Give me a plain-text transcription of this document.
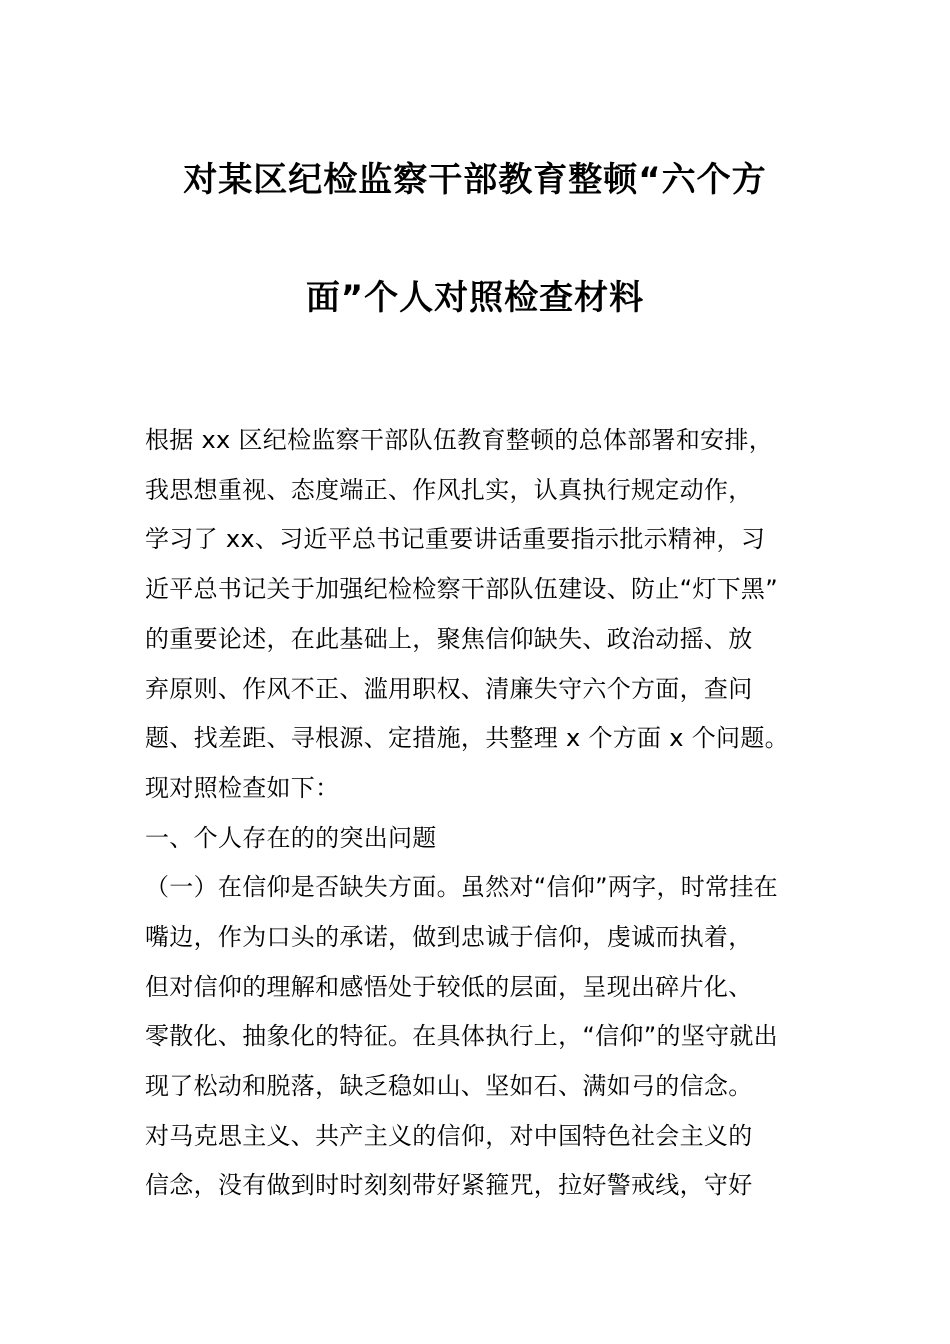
对某区纪检监察干部教育整顿“六个方
面”个人对照检查材料
根据 xx 区纪检监察干部队伍教育整顿的总体部署和安排，
我思想重视、态度端正、作风扎实，认真执行规定动作，
学习了 xx、习近平总书记重要讲话重要指示批示精神，习
近平总书记关于加强纪检检察干部队伍建设、防止“灯下黑”
的重要论述，在此基础上，聚焦信仰缺失、政治动摇、放
弃原则、作风不正、滥用职权、清廉失守六个方面，查问
题、找差距、寻根源、定措施，共整理 x 个方面 x 个问题。
现对照检查如下：
一、个人存在的的突出问题
（一）在信仰是否缺失方面。虽然对“信仰”两字，时常挂在
嘴边，作为口头的承诺，做到忠诚于信仰，虔诚而执着，
但对信仰的理解和感悟处于较低的层面，呈现出碎片化、
零散化、抽象化的特征。在具体执行上，“信仰”的坚守就出
现了松动和脱落，缺乏稳如山、坚如石、满如弓的信念。
对马克思主义、共产主义的信仰，对中国特色社会主义的
信念，没有做到时时刻刻带好紧箍咒，拉好警戒线，守好
